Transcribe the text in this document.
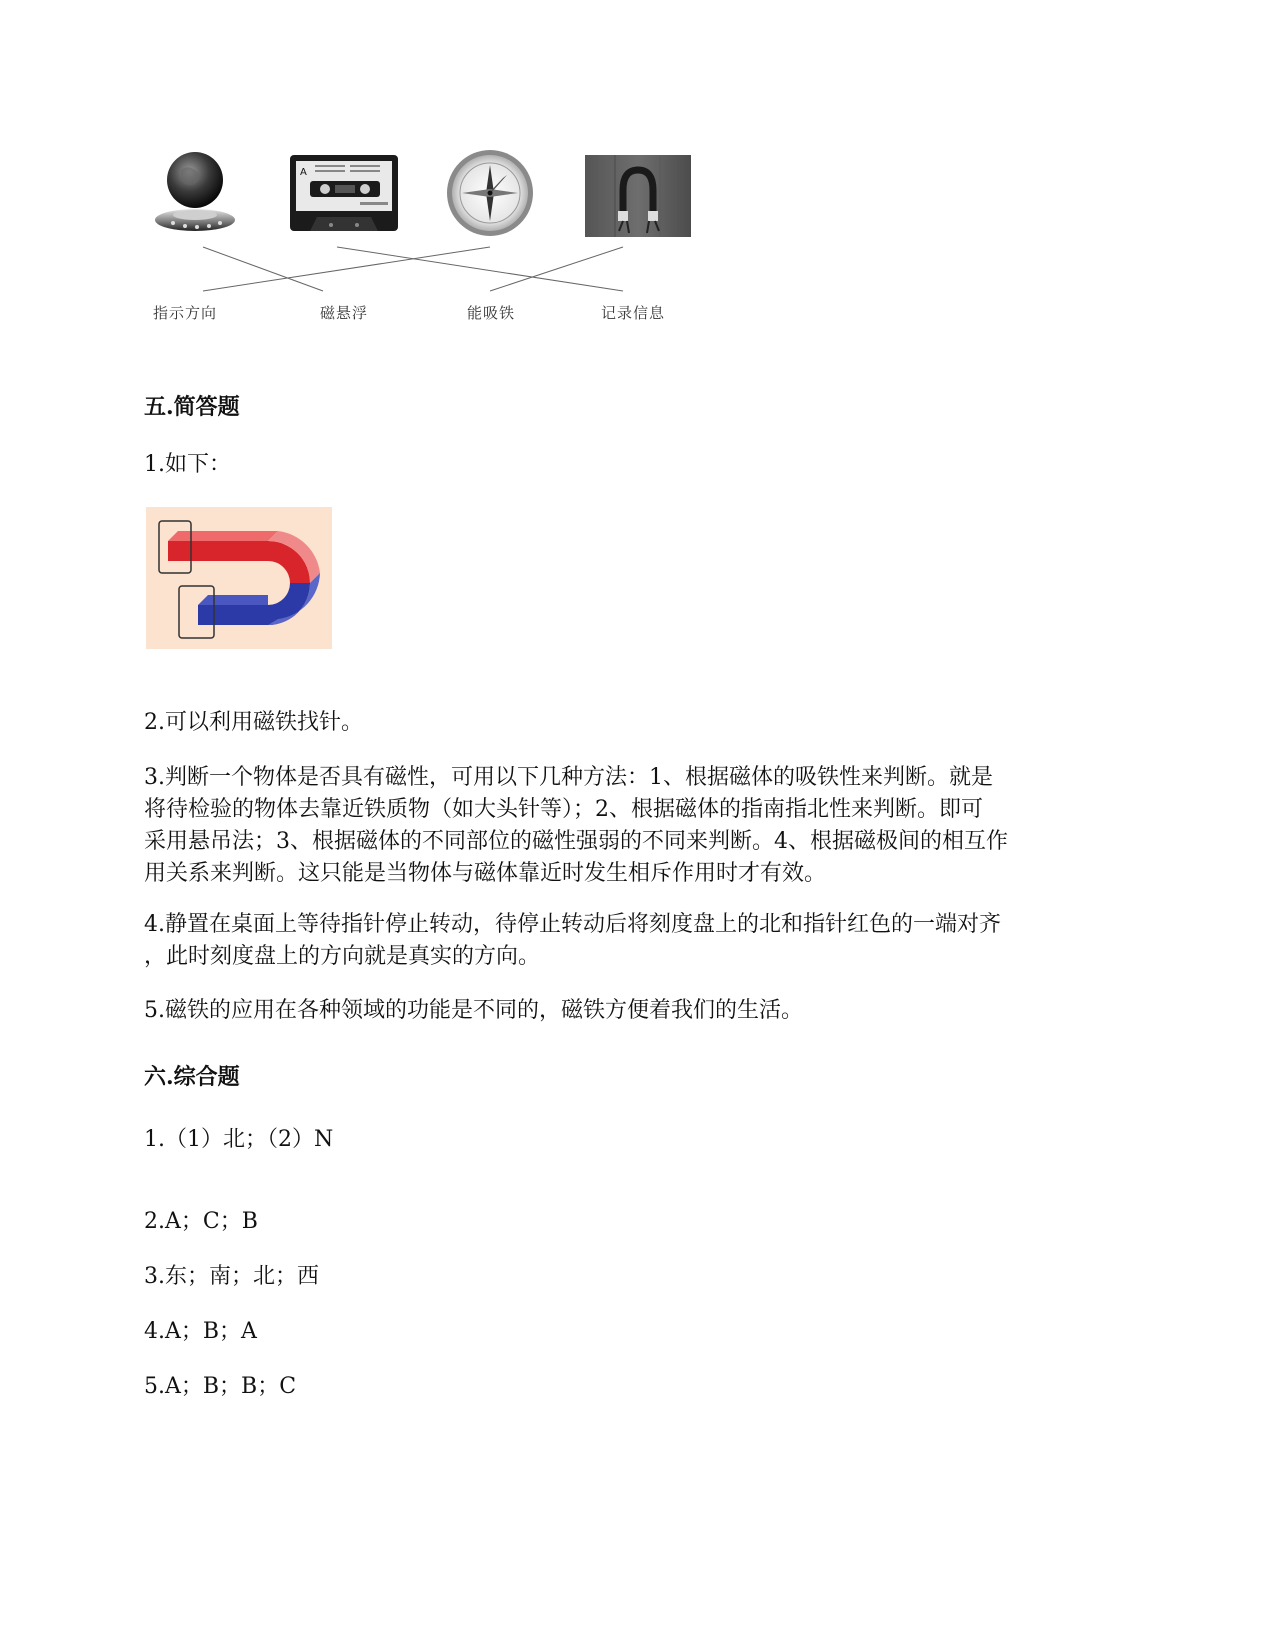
A
指示方向	磁悬浮	能吸铁	记录信息
五.简答题
1.如下：
2.可以利用磁铁找针。
3.判断一个物体是否具有磁性，可用以下几种方法：1、根据磁体的吸铁性来判断。就是
将待检验的物体去靠近铁质物（如大头针等）；2、根据磁体的指南指北性来判断。即可
采用悬吊法；3、根据磁体的不同部位的磁性强弱的不同来判断。4、根据磁极间的相互作
用关系来判断。这只能是当物体与磁体靠近时发生相斥作用时才有效。
4.静置在桌面上等待指针停止转动，待停止转动后将刻度盘上的北和指针红色的一端对齐
，此时刻度盘上的方向就是真实的方向。
5.磁铁的应用在各种领域的功能是不同的，磁铁方便着我们的生活。
六.综合题
1.（1）北；（2）N
2.A；C；B
3.东；南；北；西
4.A；B；A
5.A；B；B；C
